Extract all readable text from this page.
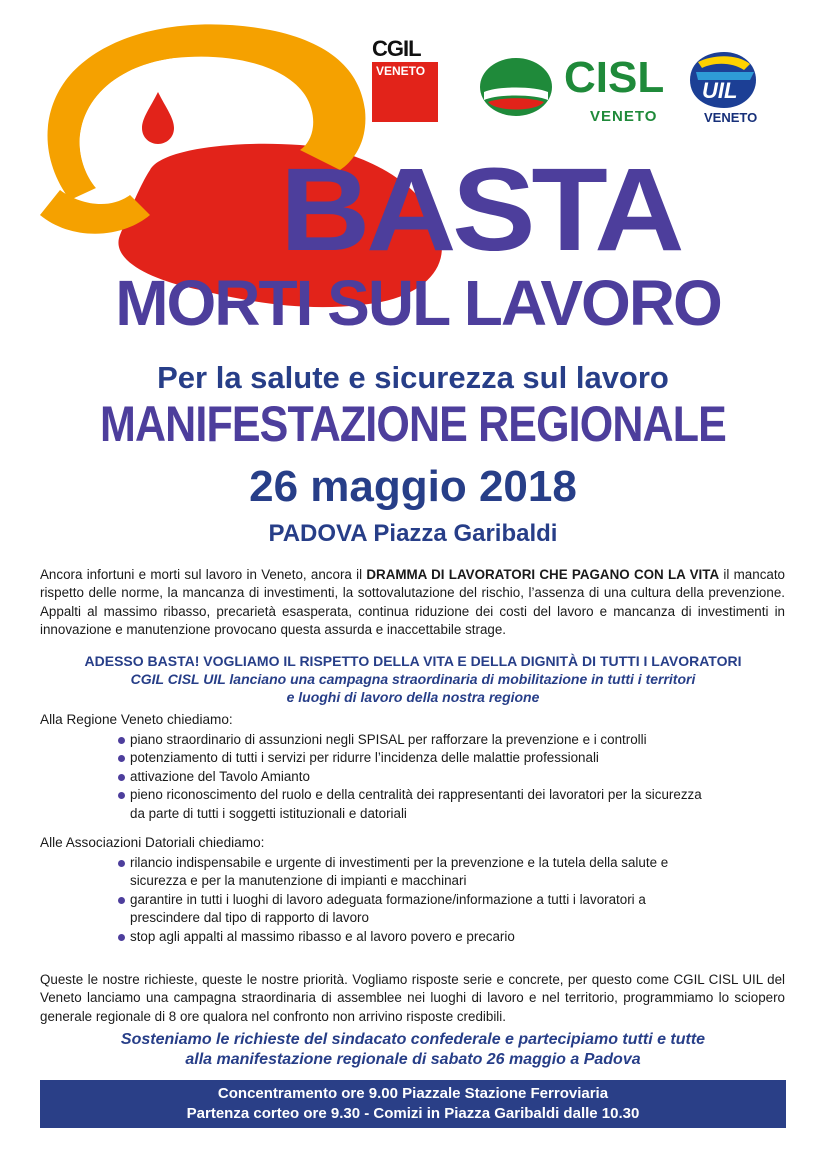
CGIL
VENETO	CISL
VENETO
UIL
VENETO
BASTA
MORTI SUL LAVORO
Per la salute e sicurezza sul lavoro
MANIFESTAZIONE REGIONALE
26 maggio 2018
PADOVA Piazza Garibaldi
Ancora infortuni e morti sul lavoro in Veneto, ancora il DRAMMA DI LAVORATORI CHE PAGANO CON LA VITA il mancato rispetto delle norme, la mancanza di investimenti, la sottovalutazione del rischio, l’assenza di una cultura della prevenzione. Appalti al massimo ribasso, precarietà esasperata, continua riduzione dei costi del lavoro e mancanza di investimenti in innovazione e manutenzione provocano questa assurda e inaccettabile strage.
ADESSO BASTA! VOGLIAMO IL RISPETTO DELLA VITA E DELLA DIGNITÀ DI TUTTI I LAVORATORI
CGIL CISL UIL lanciano una campagna straordinaria di mobilitazione in tutti i territori
e luoghi di lavoro della nostra regione
Alla Regione Veneto chiediamo:
piano straordinario di assunzioni negli SPISAL per rafforzare la prevenzione e i controlli
potenziamento di tutti i servizi per ridurre l’incidenza delle malattie professionali
attivazione del Tavolo Amianto
pieno riconoscimento del ruolo e della centralità dei rappresentanti dei lavoratori per la sicurezza da parte di tutti i soggetti istituzionali e datoriali
Alle Associazioni Datoriali chiediamo:
rilancio indispensabile e urgente di investimenti per la prevenzione e la tutela della salute e sicurezza e per la manutenzione di impianti e macchinari
garantire in tutti i luoghi di lavoro adeguata formazione/informazione a tutti i lavoratori a prescindere dal tipo di rapporto di lavoro
stop agli appalti al massimo ribasso e al lavoro povero e precario
Queste le nostre richieste, queste le nostre priorità. Vogliamo risposte serie e concrete, per questo come CGIL CISL UIL del Veneto lanciamo una campagna straordinaria di assemblee nei luoghi di lavoro e nel territorio, programmiamo lo sciopero generale regionale di 8 ore qualora nel confronto non arrivino risposte credibili.
Sosteniamo le richieste del sindacato confederale e partecipiamo tutti e tutte
alla manifestazione regionale di sabato 26 maggio a Padova
Concentramento ore 9.00 Piazzale Stazione Ferroviaria
Partenza corteo ore 9.30 - Comizi in Piazza Garibaldi dalle 10.30
